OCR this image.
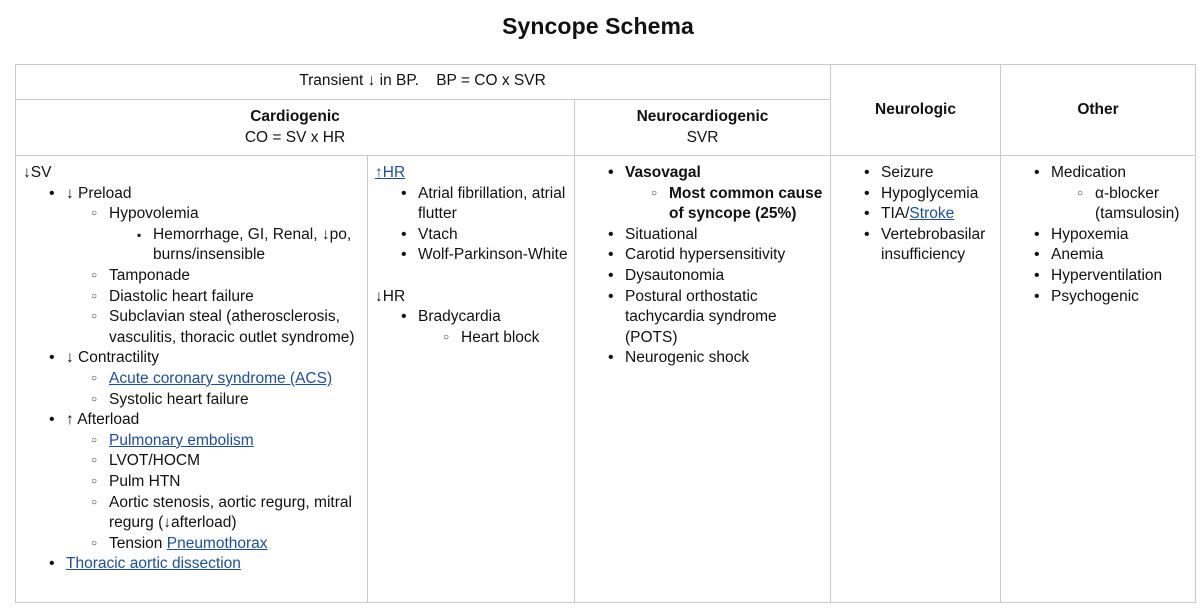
Syncope Schema
Transient ↓ in BP.    BP = CO x SVR
Cardiogenic
CO = SV x HR
Neurocardiogenic
SVR
Neurologic	Other
↓SV
• ↓ Preload
○ Hypovolemia
▪ Hemorrhage, GI, Renal, ↓po,
burns/insensible
○ Tamponade
○ Diastolic heart failure
○ Subclavian steal (atherosclerosis,
vasculitis, thoracic outlet syndrome)
• ↓ Contractility
○ Acute coronary syndrome (ACS)
○ Systolic heart failure
• ↑ Afterload
○ Pulmonary embolism
○ LVOT/HOCM
○ Pulm HTN
○ Aortic stenosis, aortic regurg, mitral
regurg (↓afterload)
○ Tension Pneumothorax
• Thoracic aortic dissection
↑HR
• Atrial fibrillation, atrial
flutter
• Vtach
• Wolf-Parkinson-White
↓HR
• Bradycardia
○ Heart block
• Vasovagal
○ Most common cause
of syncope (25%)
• Situational
• Carotid hypersensitivity
• Dysautonomia
• Postural orthostatic
tachycardia syndrome
(POTS)
• Neurogenic shock
• Seizure
• Hypoglycemia
• TIA/Stroke
• Vertebrobasilar
insufficiency
• Medication
○ α-blocker
(tamsulosin)
• Hypoxemia
• Anemia
• Hyperventilation
• Psychogenic
